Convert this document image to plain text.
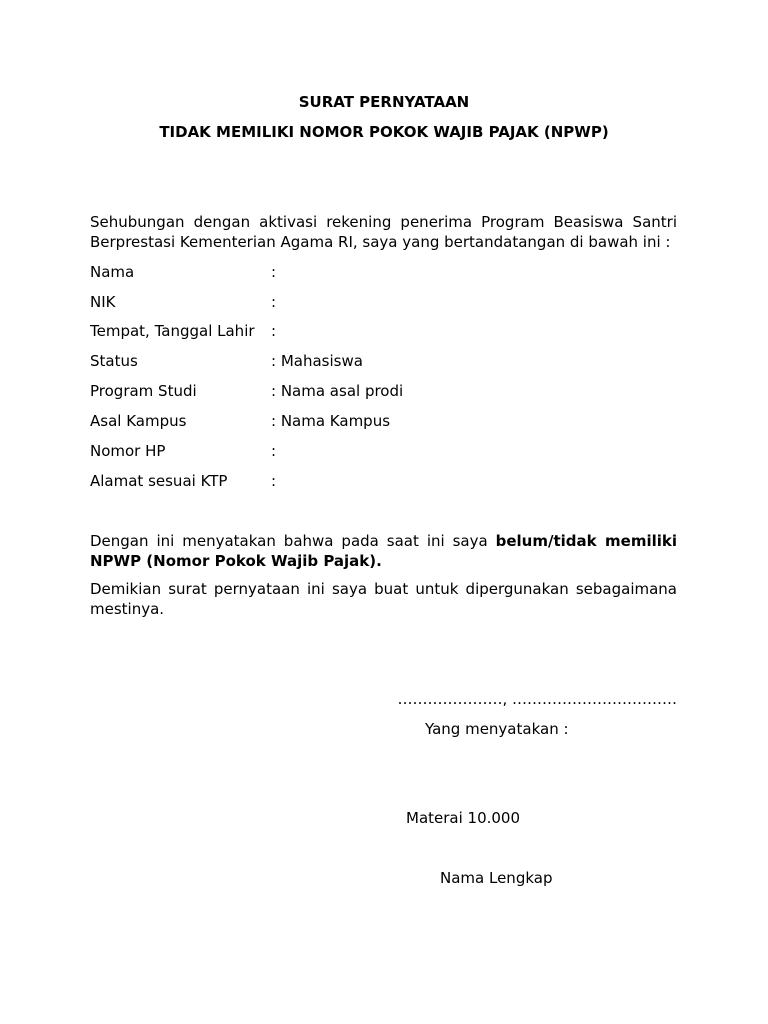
SURAT PERNYATAAN
TIDAK MEMILIKI NOMOR POKOK WAJIB PAJAK (NPWP)
Sehubungan dengan aktivasi rekening penerima Program Beasiswa Santri Berprestasi Kementerian Agama RI, saya yang bertandatangan di bawah ini :
Nama	:
NIK	:
Tempat, Tanggal Lahir :
Status	: Mahasiswa
Program Studi	: Nama asal prodi
Asal Kampus	: Nama Kampus
Nomor HP	:
Alamat sesuai KTP	:
Dengan ini menyatakan bahwa pada saat ini saya belum/tidak memiliki NPWP (Nomor Pokok Wajib Pajak).
Demikian surat pernyataan ini saya buat untuk dipergunakan sebagaimana mestinya.
…………………, ……………………………
Yang menyatakan :
Materai 10.000
Nama Lengkap
